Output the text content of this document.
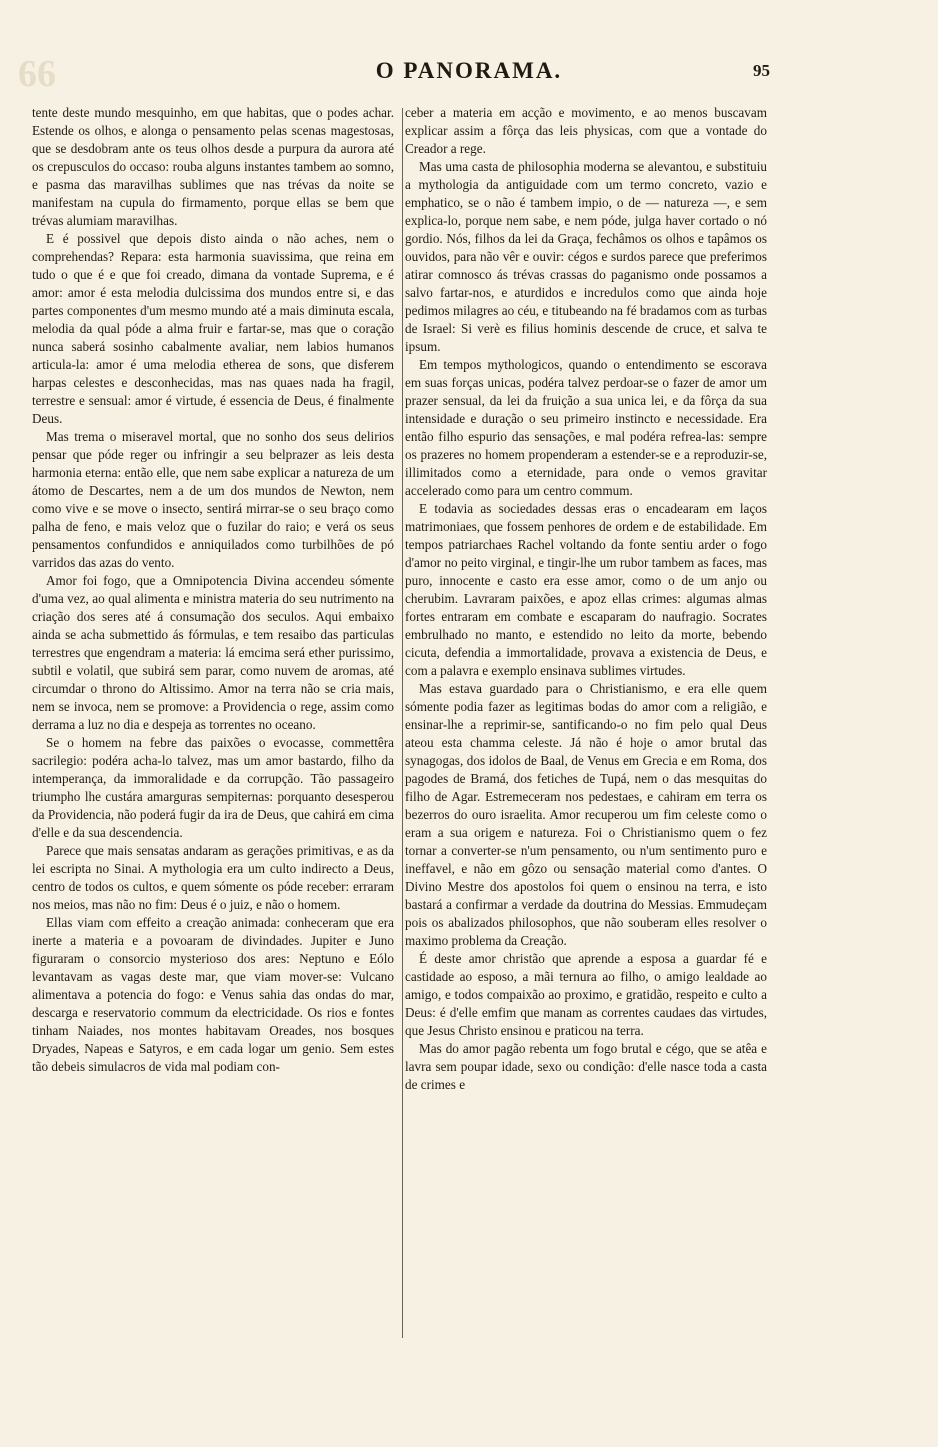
66	O PANORAMA.	95

tente deste mundo mesquinho, em que habitas, que o podes achar. Estende os olhos, e alonga o pensamento pelas scenas magestosas, que se desdobram ante os teus olhos desde a purpura da aurora até os crepusculos do occaso: rouba alguns instantes tambem ao somno, e pasma das maravilhas sublimes que nas trévas da noite se manifestam na cupula do firmamento, porque ellas se bem que trévas alumiam maravilhas.

E é possivel que depois disto ainda o não aches, nem o comprehendas? Repara: esta harmonia suavissima, que reina em tudo o que é e que foi creado, dimana da vontade Suprema, e é amor: amor é esta melodia dulcissima dos mundos entre si, e das partes componentes d'um mesmo mundo até a mais diminuta escala, melodia da qual póde a alma fruir e fartar-se, mas que o coração nunca saberá sosinho cabalmente avaliar, nem labios humanos articula-la: amor é uma melodia etherea de sons, que disferem harpas celestes e desconhecidas, mas nas quaes nada ha fragil, terrestre e sensual: amor é virtude, é essencia de Deus, é finalmente Deus.

Mas trema o miseravel mortal, que no sonho dos seus delirios pensar que póde reger ou infringir a seu belprazer as leis desta harmonia eterna: então elle, que nem sabe explicar a natureza de um átomo de Descartes, nem a de um dos mundos de Newton, nem como vive e se move o insecto, sentirá mirrar-se o seu braço como palha de feno, e mais veloz que o fuzilar do raio; e verá os seus pensamentos confundidos e anniquilados como turbilhões de pó varridos das azas do vento.

Amor foi fogo, que a Omnipotencia Divina accendeu sómente d'uma vez, ao qual alimenta e ministra materia do seu nutrimento na criação dos seres até á consumação dos seculos. Aqui embaixo ainda se acha submettido ás fórmulas, e tem resaibo das particulas terrestres que engendram a materia: lá emcima será ether purissimo, subtil e volatil, que subirá sem parar, como nuvem de aromas, até circumdar o throno do Altissimo. Amor na terra não se cria mais, nem se invoca, nem se promove: a Providencia o rege, assim como derrama a luz no dia e despeja as torrentes no oceano.

Se o homem na febre das paixões o evocasse, commettêra sacrilegio: podéra acha-lo talvez, mas um amor bastardo, filho da intemperança, da immoralidade e da corrupção. Tão passageiro triumpho lhe custára amarguras sempiternas: porquanto desesperou da Providencia, não poderá fugir da ira de Deus, que cahirá em cima d'elle e da sua descendencia.

Parece que mais sensatas andaram as gerações primitivas, e as da lei escripta no Sinai. A mythologia era um culto indirecto a Deus, centro de todos os cultos, e quem sómente os póde receber: erraram nos meios, mas não no fim: Deus é o juiz, e não o homem.

Ellas viam com effeito a creação animada: conheceram que era inerte a materia e a povoaram de divindades. Jupiter e Juno figuraram o consorcio mysterioso dos ares: Neptuno e Eólo levantavam as vagas deste mar, que viam mover-se: Vulcano alimentava a potencia do fogo: e Venus sahia das ondas do mar, descarga e reservatorio commum da electricidade. Os rios e fontes tinham Naiades, nos montes habitavam Oreades, nos bosques Dryades, Napeas e Satyros, e em cada logar um genio. Sem estes tão debeis simulacros de vida mal podiam con-

ceber a materia em acção e movimento, e ao menos buscavam explicar assim a fôrça das leis physicas, com que a vontade do Creador a rege.

Mas uma casta de philosophia moderna se alevantou, e substituiu a mythologia da antiguidade com um termo concreto, vazio e emphatico, se o não é tambem impio, o de — natureza —, e sem explica-lo, porque nem sabe, e nem póde, julga haver cortado o nó gordio. Nós, filhos da lei da Graça, fechâmos os olhos e tapâmos os ouvidos, para não vêr e ouvir: cégos e surdos parece que preferimos atirar comnosco ás trévas crassas do paganismo onde possamos a salvo fartar-nos, e aturdidos e incredulos como que ainda hoje pedimos milagres ao céu, e titubeando na fé bradamos com as turbas de Israel: Si verè es filius hominis descende de cruce, et salva te ipsum.

Em tempos mythologicos, quando o entendimento se escorava em suas forças unicas, podéra talvez perdoar-se o fazer de amor um prazer sensual, da lei da fruição a sua unica lei, e da fôrça da sua intensidade e duração o seu primeiro instincto e necessidade. Era então filho espurio das sensações, e mal podéra refrea-las: sempre os prazeres no homem propenderam a estender-se e a reproduzir-se, illimitados como a eternidade, para onde o vemos gravitar accelerado como para um centro commum.

E todavia as sociedades dessas eras o encadearam em laços matrimoniaes, que fossem penhores de ordem e de estabilidade. Em tempos patriarchaes Rachel voltando da fonte sentiu arder o fogo d'amor no peito virginal, e tingir-lhe um rubor tambem as faces, mas puro, innocente e casto era esse amor, como o de um anjo ou cherubim. Lavraram paixões, e apoz ellas crimes: algumas almas fortes entraram em combate e escaparam do naufragio. Socrates embrulhado no manto, e estendido no leito da morte, bebendo cicuta, defendia a immortalidade, provava a existencia de Deus, e com a palavra e exemplo ensinava sublimes virtudes.

Mas estava guardado para o Christianismo, e era elle quem sómente podia fazer as legitimas bodas do amor com a religião, e ensinar-lhe a reprimir-se, santificando-o no fim pelo qual Deus ateou esta chamma celeste. Já não é hoje o amor brutal das synagogas, dos idolos de Baal, de Venus em Grecia e em Roma, dos pagodes de Bramá, dos fetiches de Tupá, nem o das mesquitas do filho de Agar. Estremeceram nos pedestaes, e cahiram em terra os bezerros do ouro israelita. Amor recuperou um fim celeste como o eram a sua origem e natureza. Foi o Christianismo quem o fez tornar a converter-se n'um pensamento, ou n'um sentimento puro e ineffavel, e não em gôzo ou sensação material como d'antes. O Divino Mestre dos apostolos foi quem o ensinou na terra, e isto bastará a confirmar a verdade da doutrina do Messias. Emmudeçam pois os abalizados philosophos, que não souberam elles resolver o maximo problema da Creação.

É deste amor christão que aprende a esposa a guardar fé e castidade ao esposo, a mãi ternura ao filho, o amigo lealdade ao amigo, e todos compaixão ao proximo, e gratidão, respeito e culto a Deus: é d'elle emfim que manam as correntes caudaes das virtudes, que Jesus Christo ensinou e praticou na terra.

Mas do amor pagão rebenta um fogo brutal e cégo, que se atêa e lavra sem poupar idade, sexo ou condição: d'elle nasce toda a casta de crimes e
